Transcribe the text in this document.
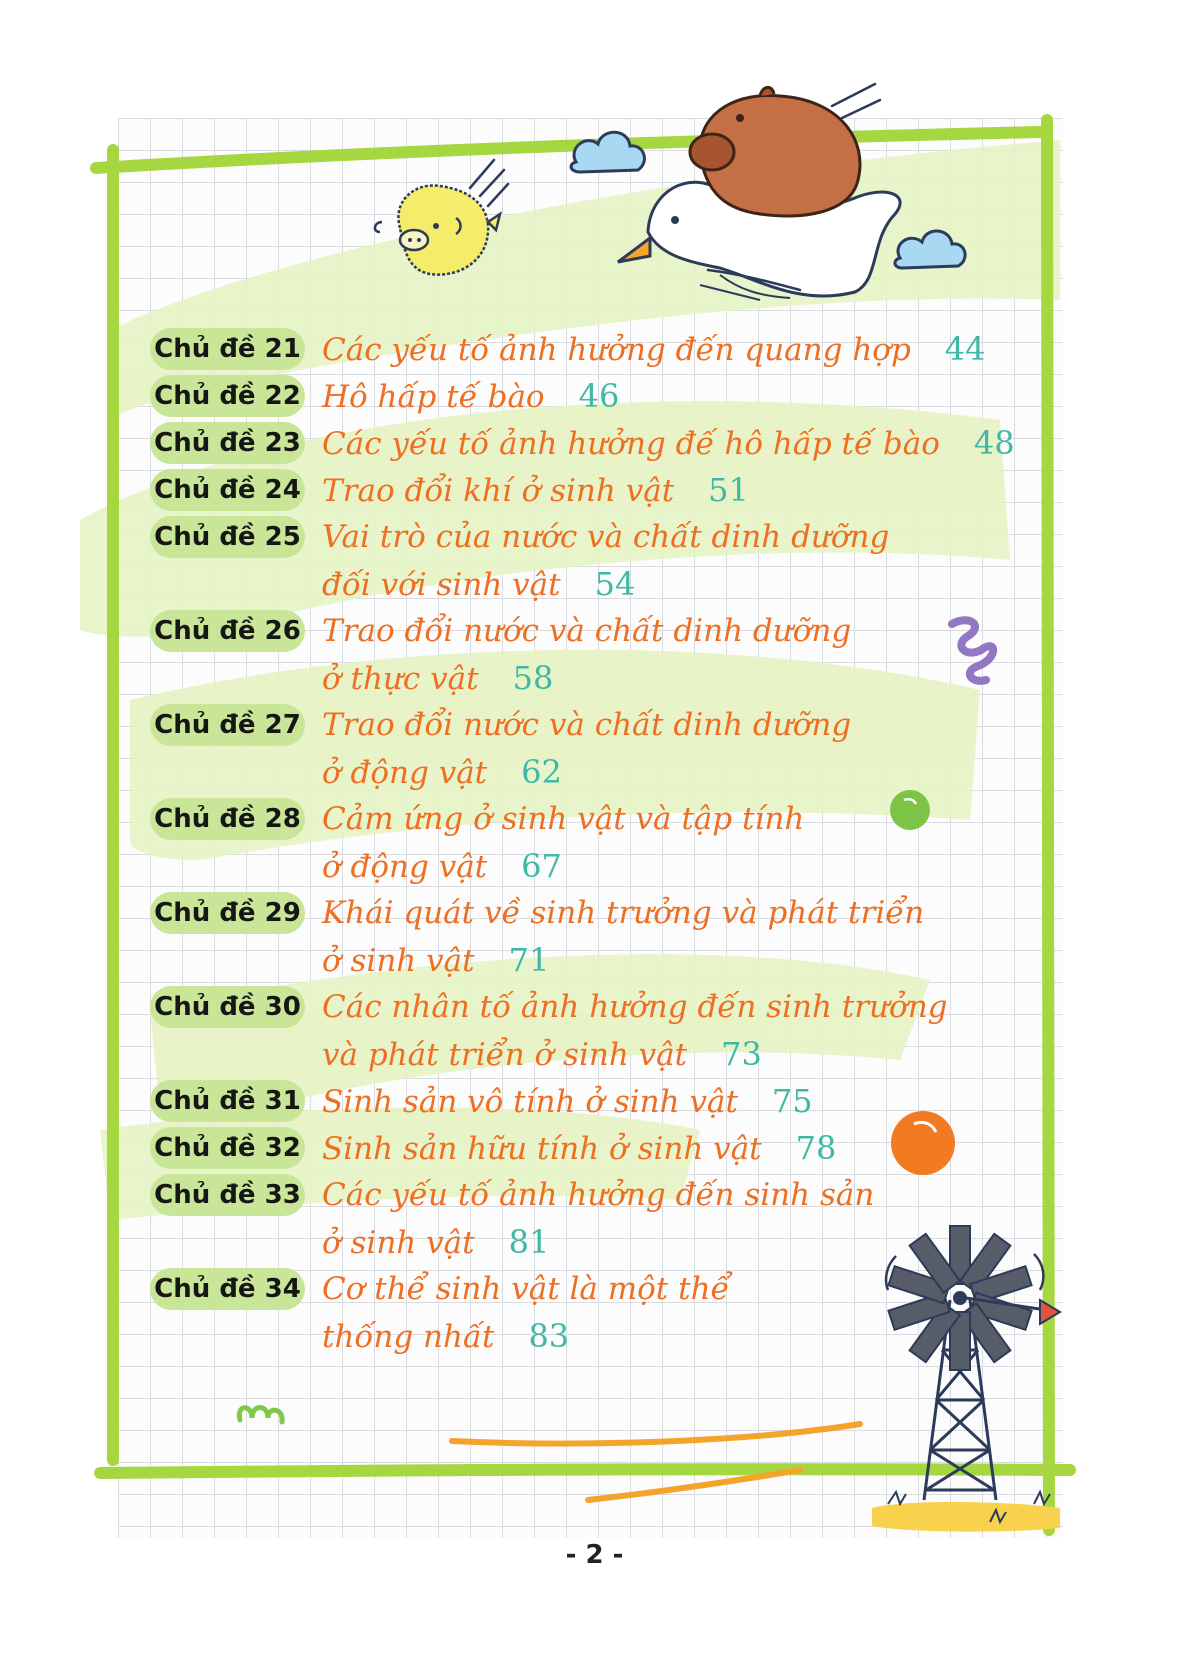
Chủ đề 21 Các yếu tố ảnh hưởng đến quang hợp 44
Chủ đề 22 Hô hấp tế bào 46
Chủ đề 23 Các yếu tố ảnh hưởng đế hô hấp tế bào 48
Chủ đề 24 Trao đổi khí ở sinh vật 51
Chủ đề 25 Vai trò của nước và chất dinh dưỡng
đối với sinh vật 54
Chủ đề 26 Trao đổi nước và chất dinh dưỡng
ở thực vật 58
Chủ đề 27 Trao đổi nước và chất dinh dưỡng
ở động vật 62
Chủ đề 28 Cảm ứng ở sinh vật và tập tính
ở động vật 67
Chủ đề 29 Khái quát về sinh trưởng và phát triển
ở sinh vật 71
Chủ đề 30 Các nhân tố ảnh hưởng đến sinh trưởng
và phát triển ở sinh vật 73
Chủ đề 31 Sinh sản vô tính ở sinh vật 75
Chủ đề 32 Sinh sản hữu tính ở sinh vật 78
Chủ đề 33 Các yếu tố ảnh hưởng đến sinh sản
ở sinh vật 81
Chủ đề 34 Cơ thể sinh vật là một thể
thống nhất 83
- 2 -
